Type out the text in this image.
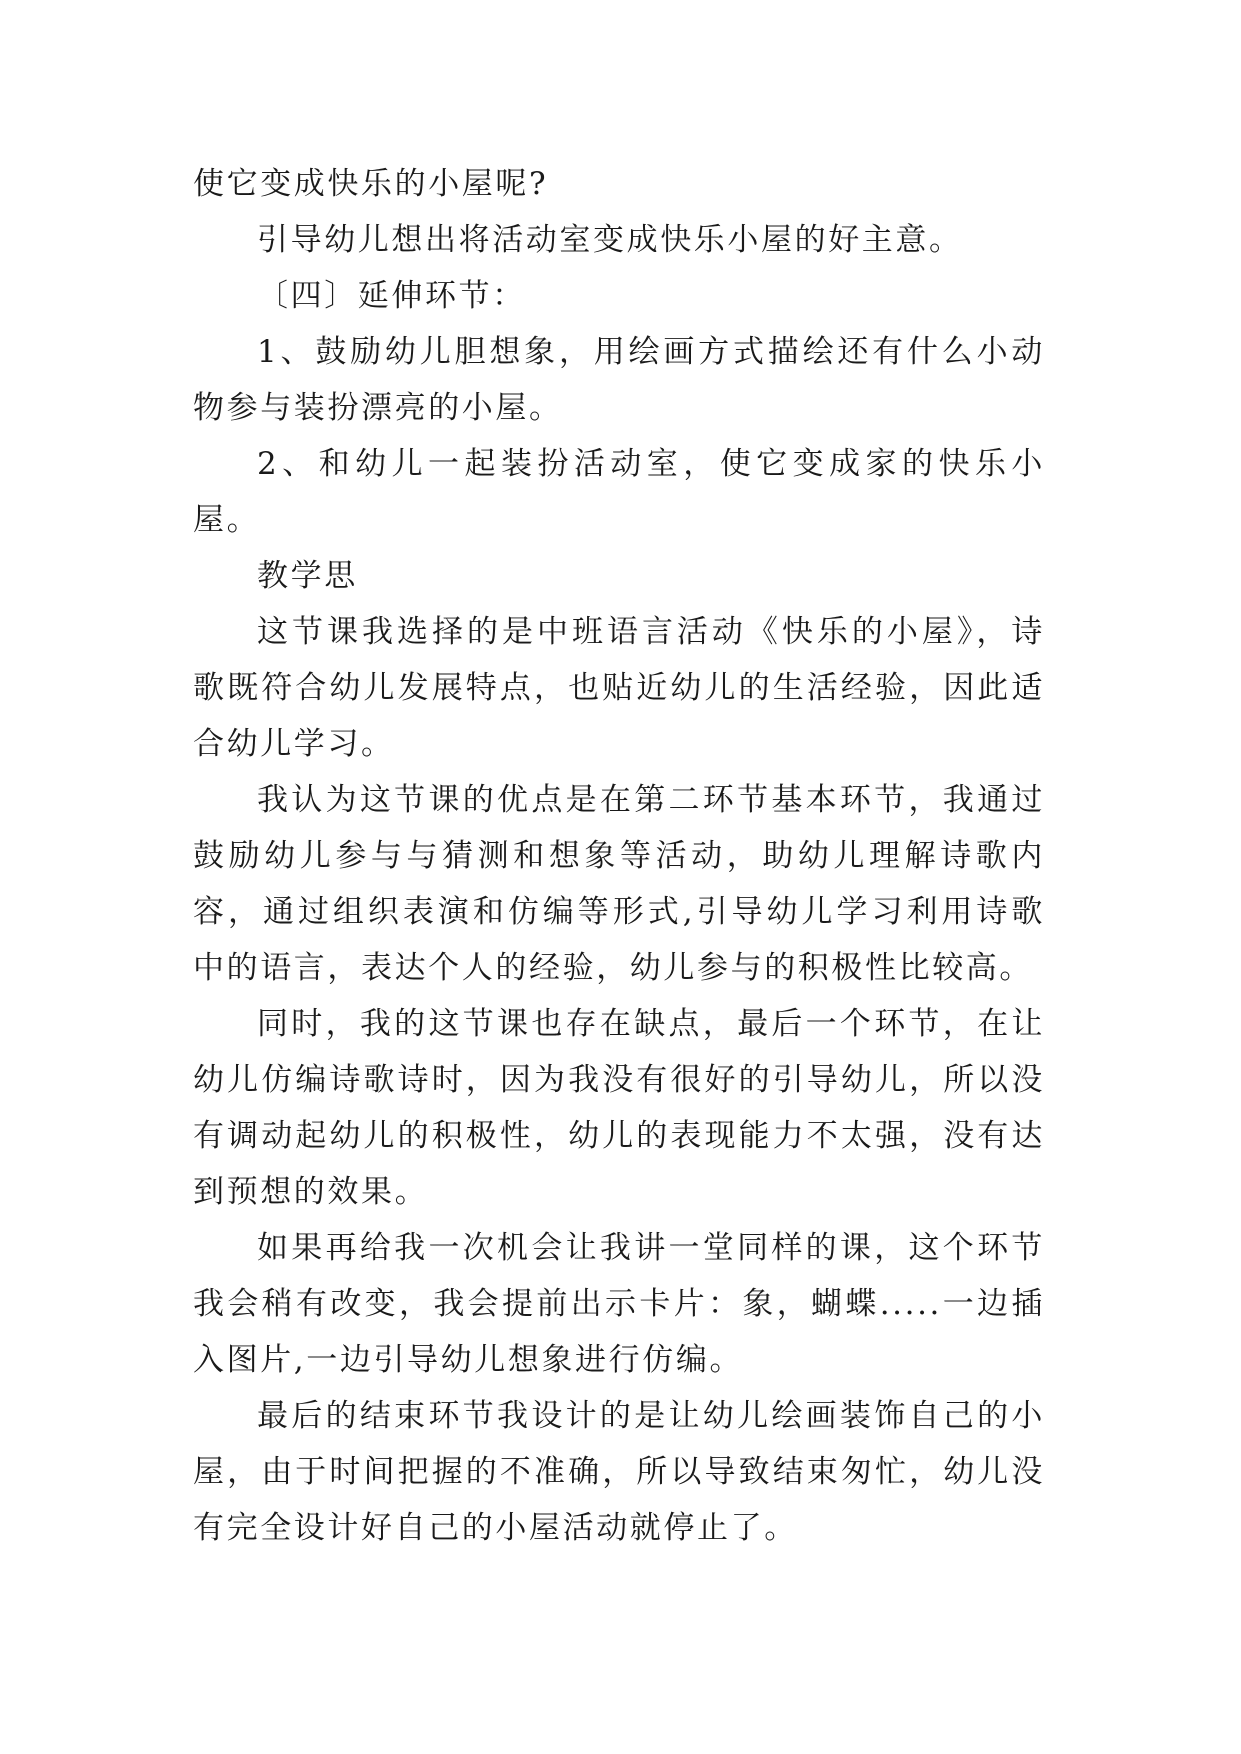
使它变成快乐的小屋呢?

引导幼儿想出将活动室变成快乐小屋的好主意。

〔四〕延伸环节：

1、鼓励幼儿胆想象，用绘画方式描绘还有什么小动物参与装扮漂亮的小屋。

2、和幼儿一起装扮活动室，使它变成家的快乐小屋。

教学思

这节课我选择的是中班语言活动《快乐的小屋》，诗歌既符合幼儿发展特点，也贴近幼儿的生活经验，因此适合幼儿学习。

我认为这节课的优点是在第二环节基本环节，我通过鼓励幼儿参与与猜测和想象等活动，助幼儿理解诗歌内容，通过组织表演和仿编等形式,引导幼儿学习利用诗歌中的语言，表达个人的经验，幼儿参与的积极性比较高。

同时，我的这节课也存在缺点，最后一个环节，在让幼儿仿编诗歌诗时，因为我没有很好的引导幼儿，所以没有调动起幼儿的积极性，幼儿的表现能力不太强，没有达到预想的效果。

如果再给我一次机会让我讲一堂同样的课，这个环节我会稍有改变，我会提前出示卡片：象，蝴蝶.....一边插入图片,一边引导幼儿想象进行仿编。

最后的结束环节我设计的是让幼儿绘画装饰自己的小屋，由于时间把握的不准确，所以导致结束匆忙，幼儿没有完全设计好自己的小屋活动就停止了。
